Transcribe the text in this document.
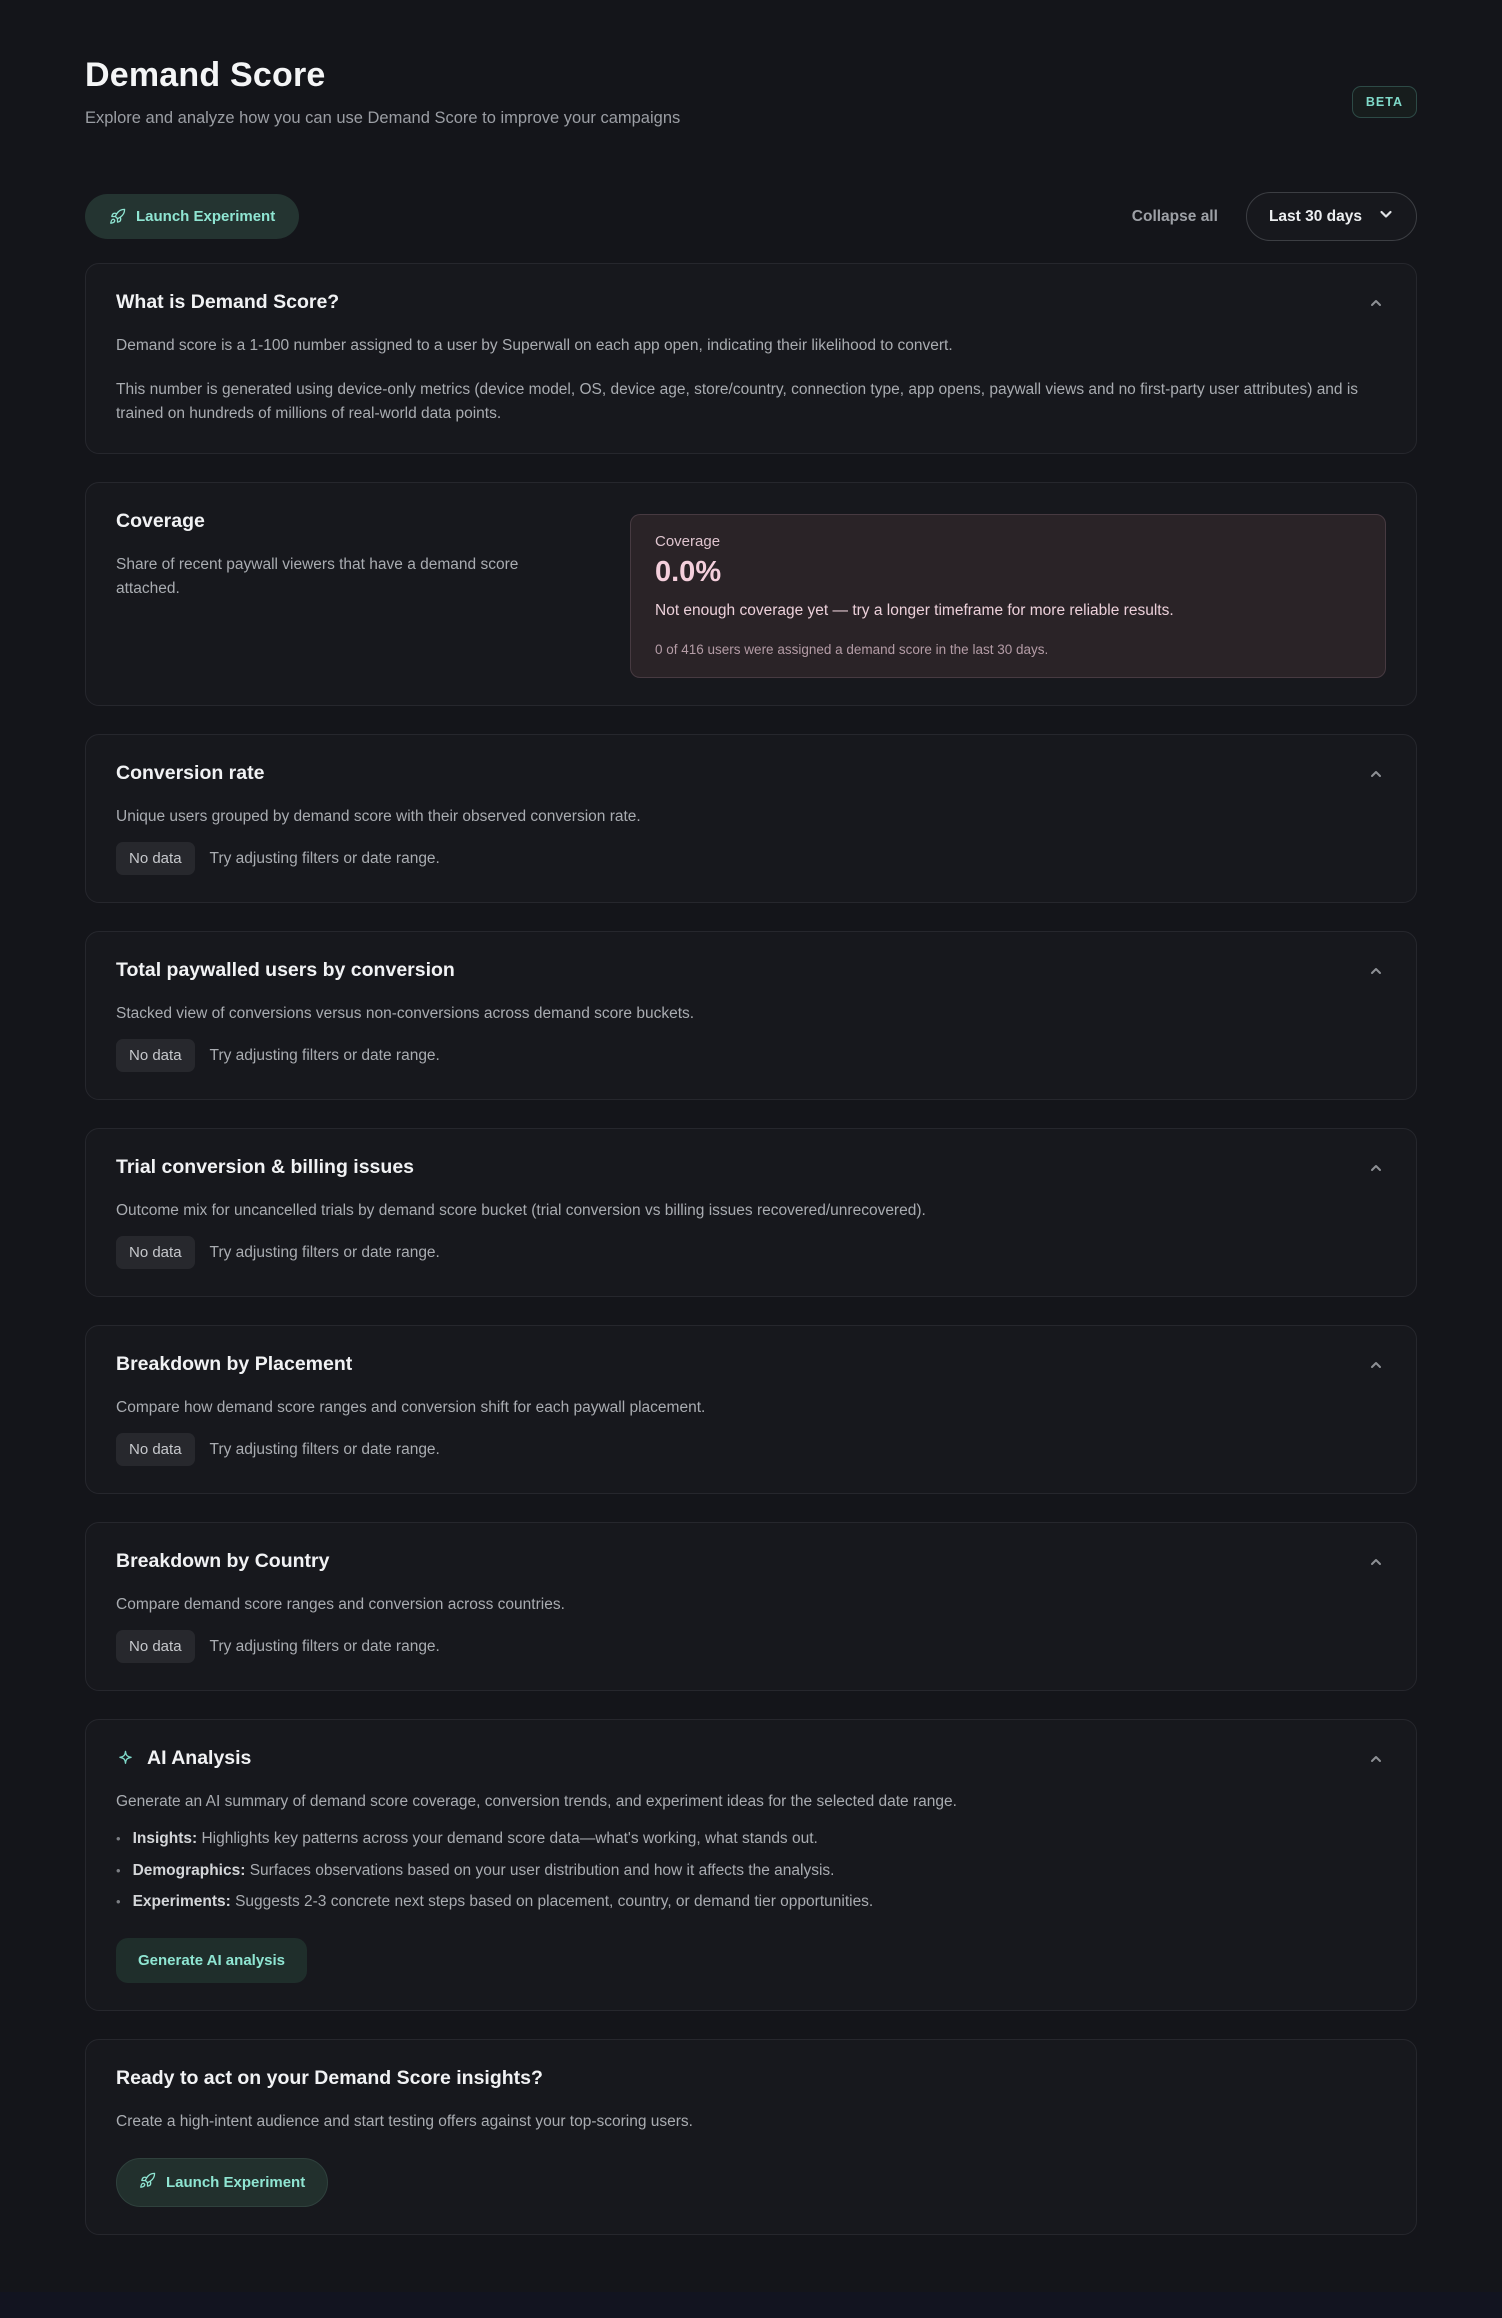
Demand Score

Explore and analyze how you can use Demand Score to improve your campaigns

BETA
Launch Experiment	Collapse all	Last 30 days
What is Demand Score?

Demand score is a 1-100 number assigned to a user by Superwall on each app open, indicating their likelihood to convert.

This number is generated using device-only metrics (device model, OS, device age, store/country, connection type, app opens, paywall views and no first-party user attributes) and is trained on hundreds of millions of real-world data points.

Coverage

Share of recent paywall viewers that have a demand score attached.

Coverage
0.0%
Not enough coverage yet — try a longer timeframe for more reliable results.
0 of 416 users were assigned a demand score in the last 30 days.
Conversion rate

Unique users grouped by demand score with their observed conversion rate.

No data	Try adjusting filters or date range.
Total paywalled users by conversion

Stacked view of conversions versus non-conversions across demand score buckets.

No data	Try adjusting filters or date range.
Trial conversion & billing issues

Outcome mix for uncancelled trials by demand score bucket (trial conversion vs billing issues recovered/unrecovered).

No data	Try adjusting filters or date range.
Breakdown by Placement

Compare how demand score ranges and conversion shift for each paywall placement.

No data	Try adjusting filters or date range.
Breakdown by Country

Compare demand score ranges and conversion across countries.

No data	Try adjusting filters or date range.
AI Analysis

Generate an AI summary of demand score coverage, conversion trends, and experiment ideas for the selected date range.

• Insights: Highlights key patterns across your demand score data—what's working, what stands out.
• Demographics: Surfaces observations based on your user distribution and how it affects the analysis.
• Experiments: Suggests 2-3 concrete next steps based on placement, country, or demand tier opportunities.
Generate AI analysis
Ready to act on your Demand Score insights?

Create a high-intent audience and start testing offers against your top-scoring users.

Launch Experiment
